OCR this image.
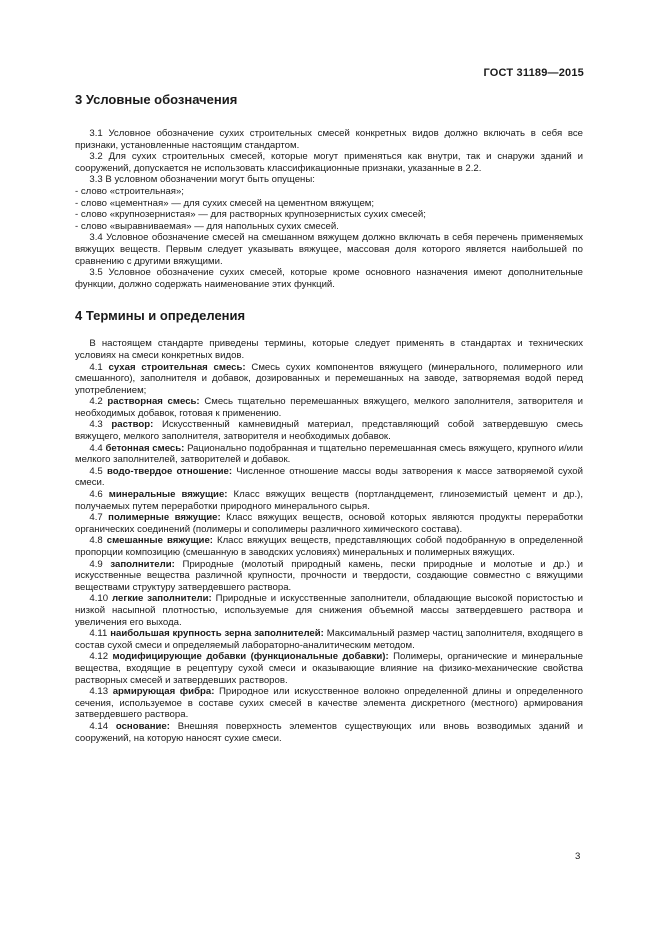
ГОСТ 31189—2015
3 Условные обозначения

3.1 Условное обозначение сухих строительных смесей конкретных видов должно включать в себя все признаки, установленные настоящим стандартом.

3.2 Для сухих строительных смесей, которые могут применяться как внутри, так и снаружи зданий и сооружений, допускается не использовать классификационные признаки, указанные в 2.2.

3.3 В условном обозначении могут быть опущены:

- слово «строительная»;

- слово «цементная» — для сухих смесей на цементном вяжущем;

- слово «крупнозернистая» — для растворных крупнозернистых сухих смесей;

- слово «выравниваемая» — для напольных сухих смесей.

3.4 Условное обозначение смесей на смешанном вяжущем должно включать в себя перечень применяемых вяжущих веществ. Первым следует указывать вяжущее, массовая доля которого является наибольшей по сравнению с другими вяжущими.

3.5 Условное обозначение сухих смесей, которые кроме основного назначения имеют дополнительные функции, должно содержать наименование этих функций.

4 Термины и определения

В настоящем стандарте приведены термины, которые следует применять в стандартах и технических условиях на смеси конкретных видов.

4.1 сухая строительная смесь: Смесь сухих компонентов вяжущего (минерального, полимерного или смешанного), заполнителя и добавок, дозированных и перемешанных на заводе, затворяемая водой перед употреблением;

4.2 растворная смесь: Смесь тщательно перемешанных вяжущего, мелкого заполнителя, затворителя и необходимых добавок, готовая к применению.

4.3 раствор: Искусственный камневидный материал, представляющий собой затвердевшую смесь вяжущего, мелкого заполнителя, затворителя и необходимых добавок.

4.4 бетонная смесь: Рационально подобранная и тщательно перемешанная смесь вяжущего, крупного и/или мелкого заполнителей, затворителей и добавок.

4.5 водо-твердое отношение: Численное отношение массы воды затворения к массе затворяемой сухой смеси.

4.6 минеральные вяжущие: Класс вяжущих веществ (портландцемент, глиноземистый цемент и др.), получаемых путем переработки природного минерального сырья.

4.7 полимерные вяжущие: Класс вяжущих веществ, основой которых являются продукты переработки органических соединений (полимеры и сополимеры различного химического состава).

4.8 смешанные вяжущие: Класс вяжущих веществ, представляющих собой подобранную в определенной пропорции композицию (смешанную в заводских условиях) минеральных и полимерных вяжущих.

4.9 заполнители: Природные (молотый природный камень, пески природные и молотые и др.) и искусственные вещества различной крупности, прочности и твердости, создающие совместно с вяжущими веществами структуру затвердевшего раствора.

4.10 легкие заполнители: Природные и искусственные заполнители, обладающие высокой пористостью и низкой насыпной плотностью, используемые для снижения объемной массы затвердевшего раствора и увеличения его выхода.

4.11 наибольшая крупность зерна заполнителей: Максимальный размер частиц заполнителя, входящего в состав сухой смеси и определяемый лабораторно-аналитическим методом.

4.12 модифицирующие добавки (функциональные добавки): Полимеры, органические и минеральные вещества, входящие в рецептуру сухой смеси и оказывающие влияние на физико-механические свойства растворных смесей и затвердевших растворов.

4.13 армирующая фибра: Природное или искусственное волокно определенной длины и определенного сечения, используемое в составе сухих смесей в качестве элемента дискретного (местного) армирования затвердевшего раствора.

4.14 основание: Внешняя поверхность элементов существующих или вновь возводимых зданий и сооружений, на которую наносят сухие смеси.

3
